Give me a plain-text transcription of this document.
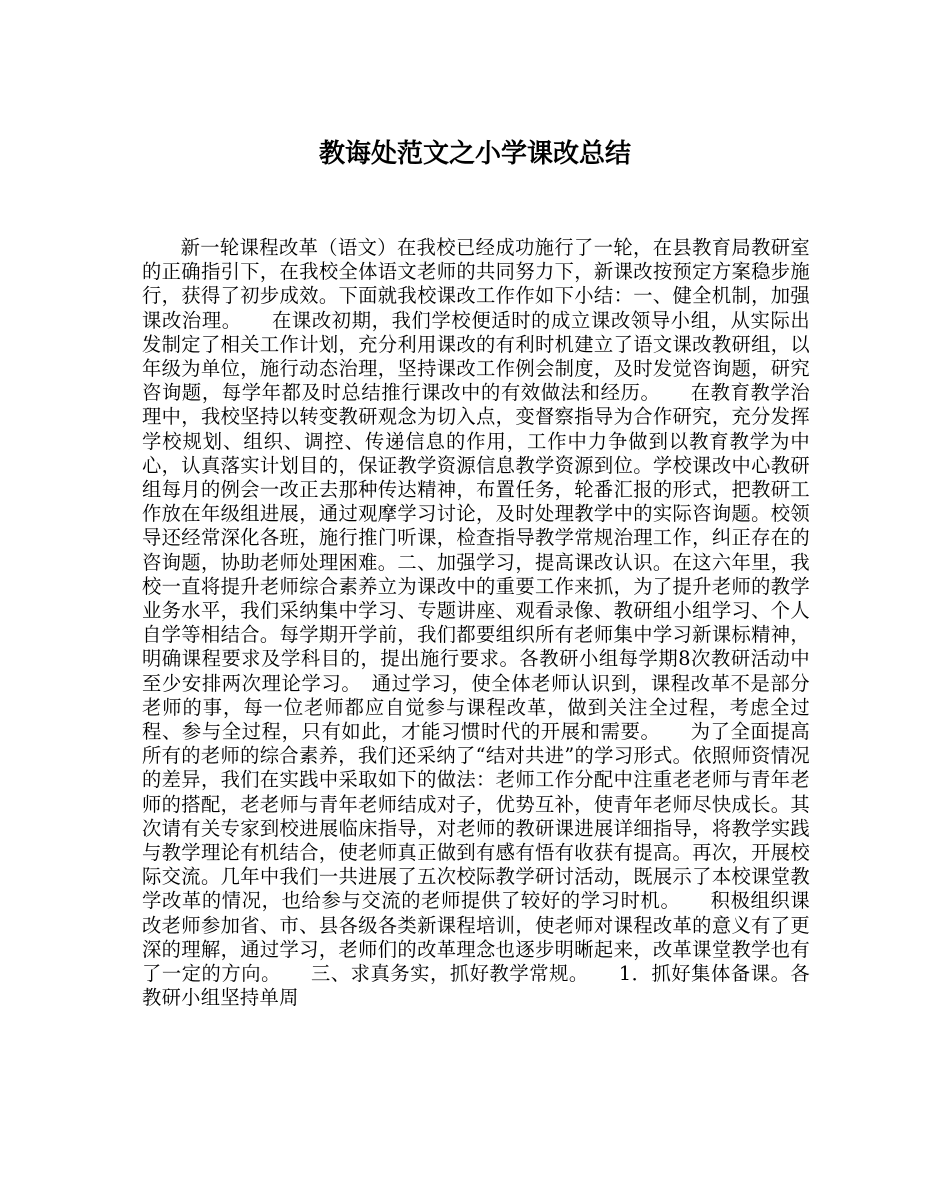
教诲处范文之小学课改总结

新一轮课程改革（语文）在我校已经成功施行了一轮，在县教育局教研室的正确指引下，在我校全体语文老师的共同努力下，新课改按预定方案稳步施行，获得了初步成效。下面就我校课改工作作如下小结：一、健全机制，加强课改治理。　　在课改初期，我们学校便适时的成立课改领导小组，从实际出发制定了相关工作计划，充分利用课改的有利时机建立了语文课改教研组，以年级为单位，施行动态治理，坚持课改工作例会制度，及时发觉咨询题，研究咨询题，每学年都及时总结推行课改中的有效做法和经历。　　在教育教学治理中，我校坚持以转变教研观念为切入点，变督察指导为合作研究，充分发挥学校规划、组织、调控、传递信息的作用，工作中力争做到以教育教学为中心，认真落实计划目的，保证教学资源信息教学资源到位。学校课改中心教研组每月的例会一改正去那种传达精神，布置任务，轮番汇报的形式，把教研工作放在年级组进展，通过观摩学习讨论，及时处理教学中的实际咨询题。校领导还经常深化各班，施行推门听课，检查指导教学常规治理工作，纠正存在的咨询题，协助老师处理困难。二、加强学习，提高课改认识。在这六年里，我校一直将提升老师综合素养立为课改中的重要工作来抓，为了提升老师的教学业务水平，我们采纳集中学习、专题讲座、观看录像、教研组小组学习、个人自学等相结合。每学期开学前，我们都要组织所有老师集中学习新课标精神，明确课程要求及学科目的，提出施行要求。各教研小组每学期8次教研活动中至少安排两次理论学习。　通过学习，使全体老师认识到，课程改革不是部分老师的事，每一位老师都应自觉参与课程改革，做到关注全过程，考虑全过程、参与全过程，只有如此，才能习惯时代的开展和需要。　　为了全面提高所有的老师的综合素养，我们还采纳了“结对共进”的学习形式。依照师资情况的差异，我们在实践中采取如下的做法：老师工作分配中注重老老师与青年老师的搭配，老老师与青年老师结成对子，优势互补，使青年老师尽快成长。其次请有关专家到校进展临床指导，对老师的教研课进展详细指导，将教学实践与教学理论有机结合，使老师真正做到有感有悟有收获有提高。再次，开展校际交流。几年中我们一共进展了五次校际教学研讨活动，既展示了本校课堂教学改革的情况，也给参与交流的老师提供了较好的学习时机。　　积极组织课改老师参加省、市、县各级各类新课程培训，使老师对课程改革的意义有了更深的理解，通过学习，老师们的改革理念也逐步明晰起来，改革课堂教学也有了一定的方向。　　三、求真务实，抓好教学常规。　　1．抓好集体备课。各教研小组坚持单周
